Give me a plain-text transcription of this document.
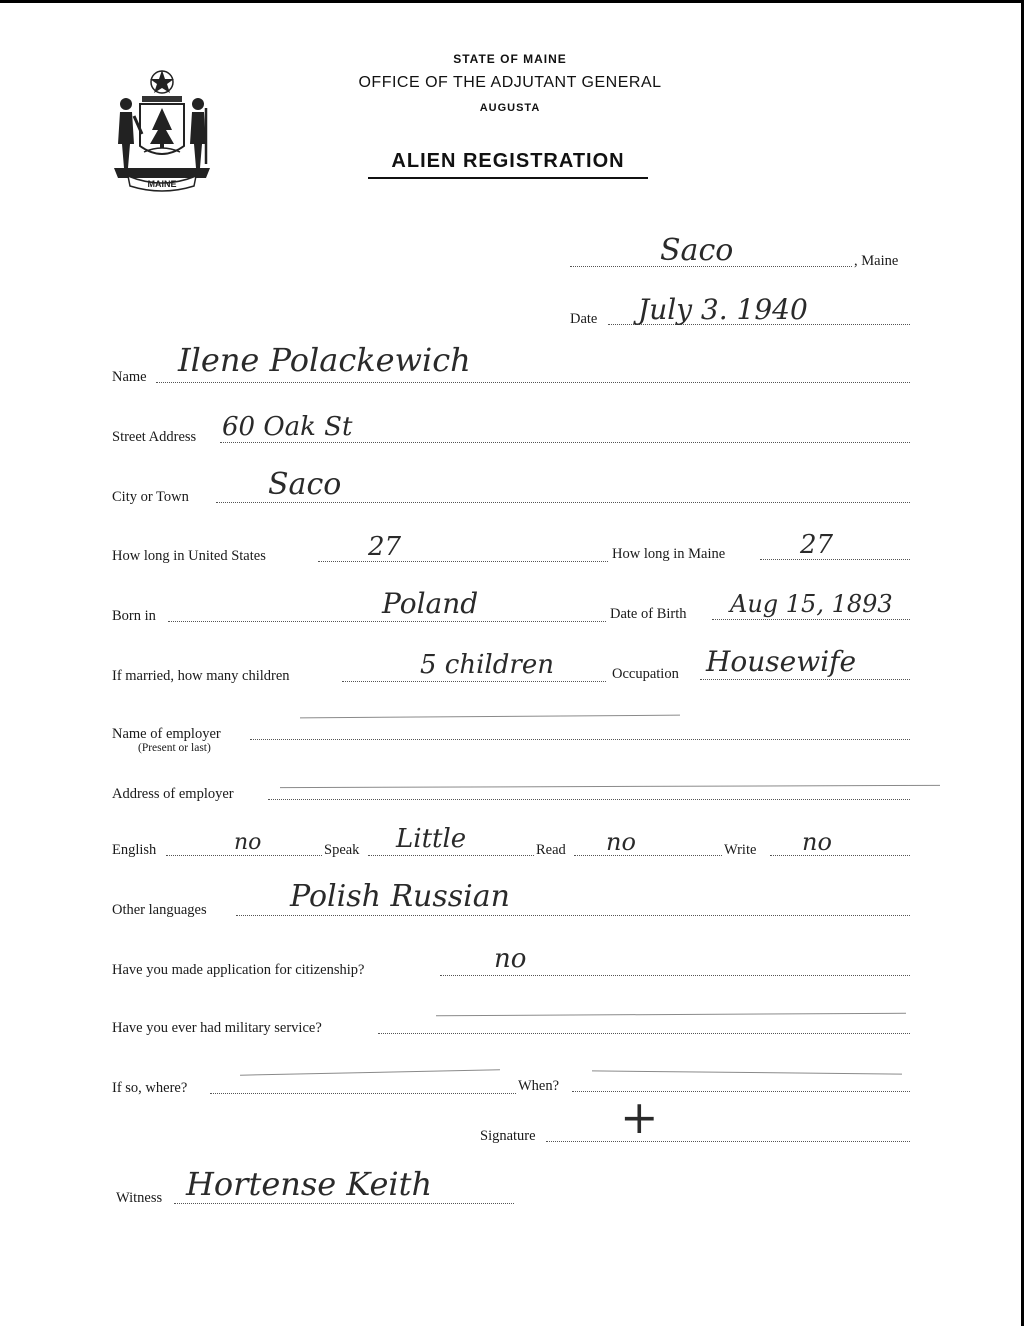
MAINE
STATE OF MAINE
OFFICE OF THE ADJUTANT GENERAL
AUGUSTA
ALIEN REGISTRATION
Saco	, Maine
Date July 3. 1940
Name Ilene Polackewich
Street Address 60 Oak St
City or Town	Saco
How long in United States	27	How long in Maine	27
Born in	Poland	Date of Birth Aug 15, 1893
If married, how many children	5 children	Occupation Housewife
Name of employer
(Present or last)
Address of employer
English	no	Speak Little	Read no	Write no
Other languages	Polish Russian
Have you made application for citizenship?	no
Have you ever had military service?
If so, where?	When?
Signature +
Witness Hortense Keith
